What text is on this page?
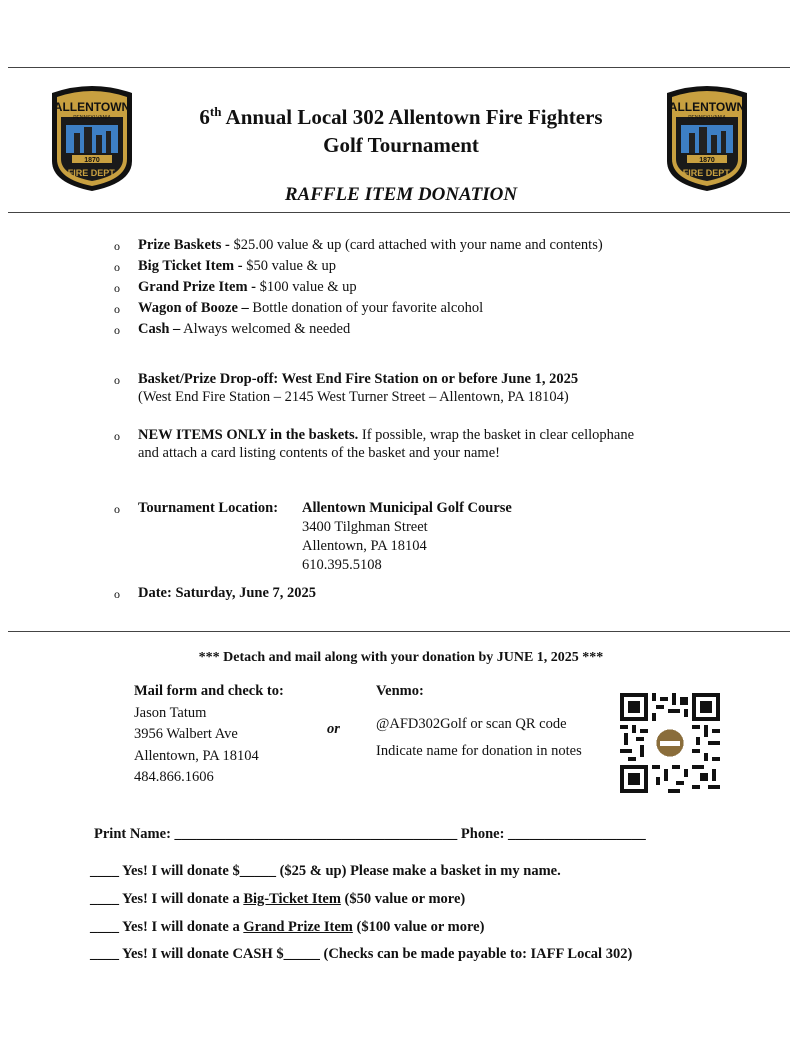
ALLENTOWN
PENNSYLVANIA
1870
FIRE DEPT.
ALLENTOWN
PENNSYLVANIA
1870
FIRE DEPT.
6th Annual Local 302 Allentown Fire Fighters
Golf Tournament
RAFFLE ITEM DONATION
o Prize Baskets - $25.00 value & up (card attached with your name and contents)
o Big Ticket Item - $50 value & up
o Grand Prize Item - $100 value & up
o Wagon of Booze – Bottle donation of your favorite alcohol
o Cash – Always welcomed & needed
o Basket/Prize Drop-off: West End Fire Station on or before June 1, 2025
(West End Fire Station – 2145 West Turner Street – Allentown, PA 18104)
o NEW ITEMS ONLY in the baskets. If possible, wrap the basket in clear cellophane
and attach a card listing contents of the basket and your name!
o Tournament Location: Allentown Municipal Golf Course
3400 Tilghman Street
Allentown, PA 18104
610.395.5108
o Date: Saturday, June 7, 2025
*** Detach and mail along with your donation by JUNE 1, 2025 ***
Mail form and check to:
Jason Tatum
3956 Walbert Ave
Allentown, PA 18104
484.866.1606
or
Venmo:
@AFD302Golf or scan QR code
Indicate name for donation in notes
Print Name: _______________________________________ Phone: ___________________
____ Yes! I will donate $_____ ($25 & up) Please make a basket in my name.
____ Yes! I will donate a Big-Ticket Item ($50 value or more)
____ Yes! I will donate a Grand Prize Item ($100 value or more)
____ Yes! I will donate CASH $_____ (Checks can be made payable to: IAFF Local 302)
